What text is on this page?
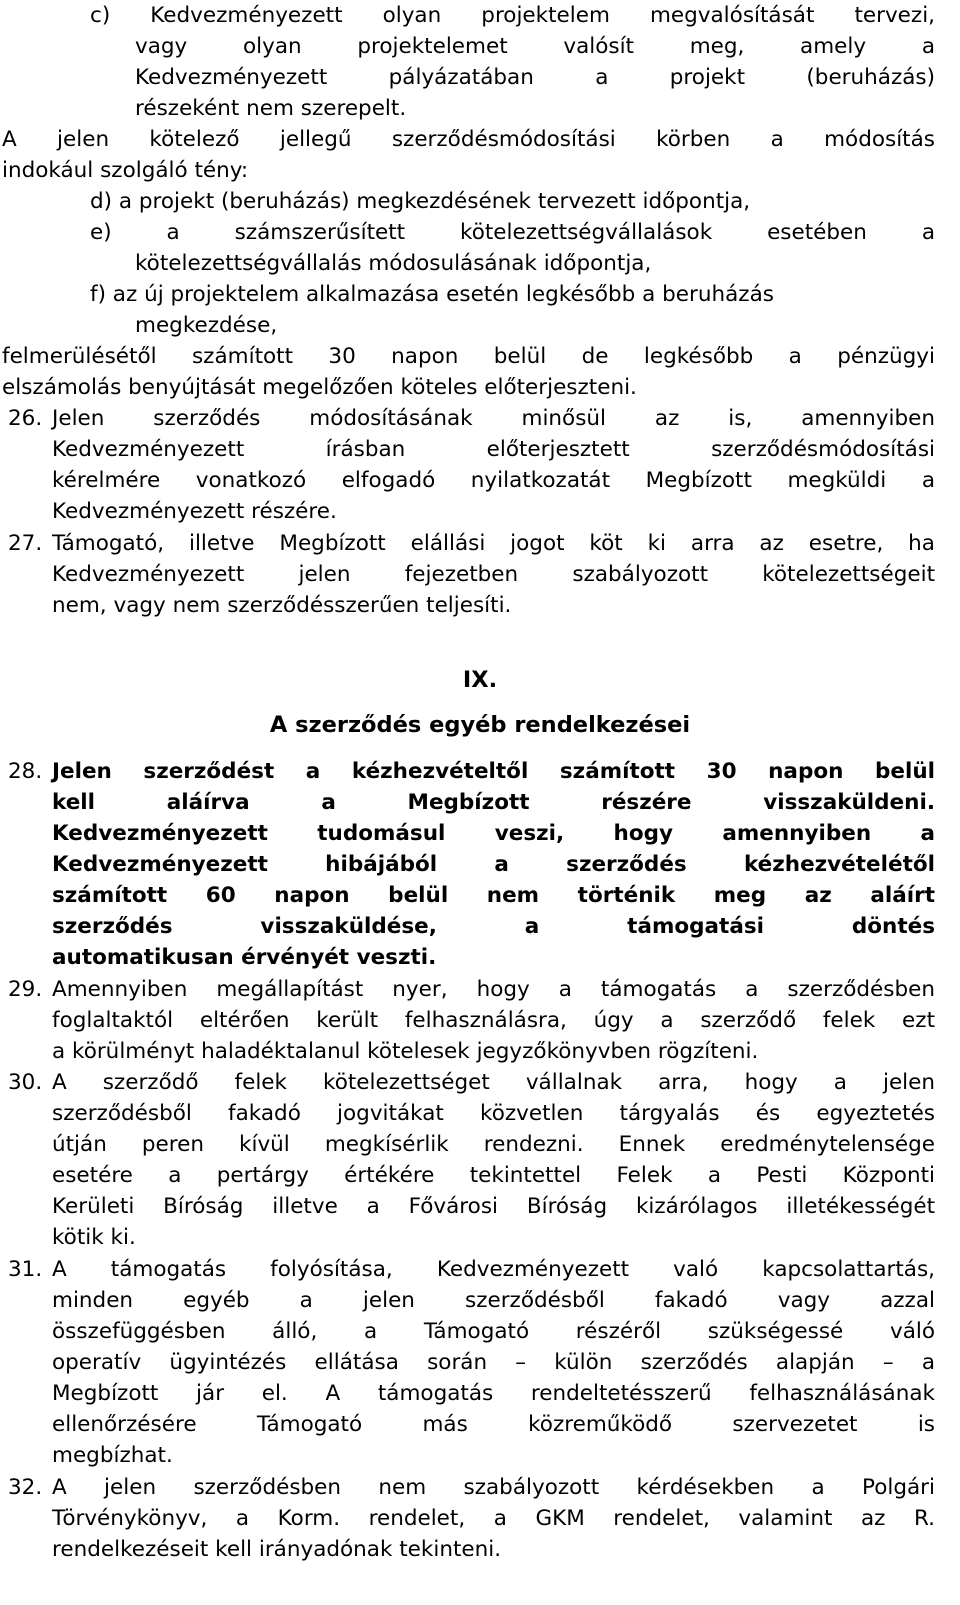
c) Kedvezményezett olyan projektelem megvalósítását tervezi,
vagy olyan projektelemet valósít meg, amely a
Kedvezményezett pályázatában a projekt (beruházás)
részeként nem szerepelt.
A jelen kötelező jellegű szerződésmódosítási körben a módosítás
indokául szolgáló tény:
d) a projekt (beruházás) megkezdésének tervezett időpontja,
e) a számszerűsített kötelezettségvállalások esetében a
kötelezettségvállalás módosulásának időpontja,
f) az új projektelem alkalmazása esetén legkésőbb a beruházás
megkezdése,
felmerülésétől számított 30 napon belül de legkésőbb a pénzügyi
elszámolás benyújtását megelőzően köteles előterjeszteni.
26. Jelen szerződés módosításának minősül az is, amennyiben
Kedvezményezett írásban előterjesztett szerződésmódosítási
kérelmére vonatkozó elfogadó nyilatkozatát Megbízott megküldi a
Kedvezményezett részére.
27. Támogató, illetve Megbízott elállási jogot köt ki arra az esetre, ha
Kedvezményezett jelen fejezetben szabályozott kötelezettségeit
nem, vagy nem szerződésszerűen teljesíti.
IX.
A szerződés egyéb rendelkezései
28. Jelen szerződést a kézhezvételtől számított 30 napon belül
kell aláírva a Megbízott részére visszaküldeni.
Kedvezményezett tudomásul veszi, hogy amennyiben a
Kedvezményezett hibájából a szerződés kézhezvételétől
számított 60 napon belül nem történik meg az aláírt
szerződés visszaküldése, a támogatási döntés
automatikusan érvényét veszti.
29. Amennyiben megállapítást nyer, hogy a támogatás a szerződésben
foglaltaktól eltérően került felhasználásra, úgy a szerződő felek ezt
a körülményt haladéktalanul kötelesek jegyzőkönyvben rögzíteni.
30. A szerződő felek kötelezettséget vállalnak arra, hogy a jelen
szerződésből fakadó jogvitákat közvetlen tárgyalás és egyeztetés
útján peren kívül megkísérlik rendezni. Ennek eredménytelensége
esetére a pertárgy értékére tekintettel Felek a Pesti Központi
Kerületi Bíróság illetve a Fővárosi Bíróság kizárólagos illetékességét
kötik ki.
31. A támogatás folyósítása, Kedvezményezett való kapcsolattartás,
minden egyéb a jelen szerződésből fakadó vagy azzal
összefüggésben álló, a Támogató részéről szükségessé váló
operatív ügyintézés ellátása során – külön szerződés alapján – a
Megbízott jár el. A támogatás rendeltetésszerű felhasználásának
ellenőrzésére Támogató más közreműködő szervezetet is
megbízhat.
32. A jelen szerződésben nem szabályozott kérdésekben a Polgári
Törvénykönyv, a Korm. rendelet, a GKM rendelet, valamint az R.
rendelkezéseit kell irányadónak tekinteni.
